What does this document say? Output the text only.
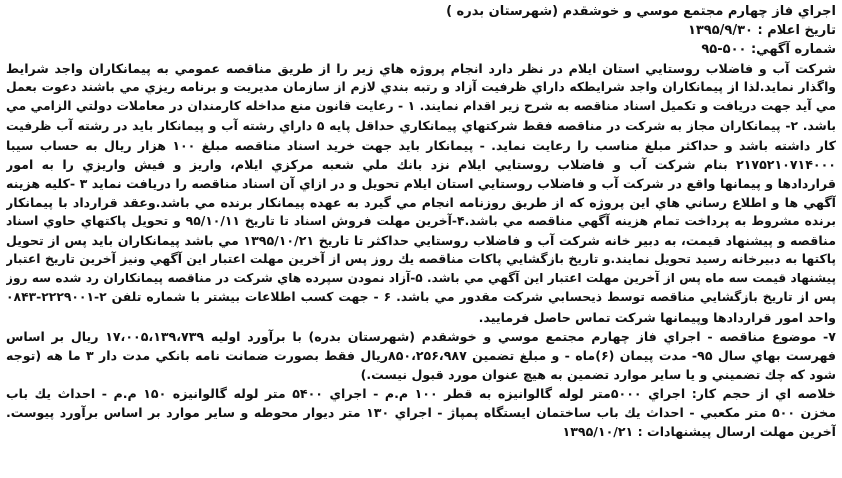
اجراي فاز چهارم مجتمع موسي و خوشقدم (شهرستان بدره )
تاريخ اعلام : ۱۳۹۵/۹/۳۰
شماره آگهي: ۵۰۰-۹۵
شركت آب و فاضلاب روستايي استان ايلام در نظر دارد انجام پروژه هاي زير را از طريق مناقصه عمومي به پيمانكاران واجد شرايط
واگذار نمايد.لذا از پيمانكاران واجد شرايطكه داراي ظرفيت آزاد و رتبه بندي لازم از سازمان مديريت و برنامه ريزي مي باشند دعوت بعمل
مي آيد جهت دريافت و تكميل اسناد مناقصه به شرح زير اقدام نمايند. ۱ - رعايت قانون منع مداخله كارمندان در معاملات دولتي الزامي مي
باشد. ۲- پيمانكاران مجاز به شركت در مناقصه فقط شركتهاي پيمانكاري حداقل پايه ۵ داراي رشته آب و پيمانكار بايد در رشته آب ظرفيت
كار داشته باشد و حداكثر مبلغ مناسب را رعايت نمايد. - پيمانكار بايد جهت خريد اسناد مناقصه مبلغ ۱۰۰ هزار ريال به حساب سيبا
۲۱۷۵۲۱۰۷۱۴۰۰۰ بنام شركت آب و فاضلاب روستايي ايلام نزد بانك ملي شعبه مركزي ايلام، واريز و فيش واريزي را به امور
قراردادها و پيمانها واقع در شركت آب و فاضلاب روستايي استان ايلام تحويل و در ازاي آن اسناد مناقصه را دريافت نمايد ۳ -كليه هزينه
آگهي ها و اطلاع رساني هاي اين پروژه كه از طريق روزنامه انجام مي گيرد به عهده پيمانكار برنده مي باشد.وعقد قرارداد با پيمانكار
برنده مشروط به پرداخت تمام هزينه آگهي مناقصه مي باشد.۴-آخرين مهلت فروش اسناد تا تاريخ ۹۵/۱۰/۱۱ و تحويل پاكتهاي حاوي اسناد
مناقصه و پيشنهاد قيمت، به دبير خانه شركت آب و فاضلاب روستايي حداكثر تا تاريخ ۱۳۹۵/۱۰/۲۱ مي باشد پيمانكاران بايد پس از تحويل
پاكتها به دبيرخانه رسيد تحويل نمايند.و تاريخ بازگشايي پاكات مناقصه يك روز پس از آخرين مهلت اعتبار اين آگهي ونيز آخرين تاريخ اعتبار
پيشنهاد قيمت سه ماه پس از آخرين مهلت اعتبار اين آگهي مي باشد. ۵-آزاد نمودن سپرده هاي شركت در مناقصه پيمانكاران رد شده سه روز
پس از تاريخ بازگشايي مناقصه توسط ذيحسابي شركت مقدور مي باشد. ۶ - جهت كسب اطلاعات بيشتر با شماره تلفن ۲-۲۲۲۹۰۰۱-۰۸۴۳
واحد امور قراردادها وپيمانها شركت تماس حاصل فرماييد.
۷- موضوع مناقصه - اجراي فاز چهارم مجتمع موسي و خوشقدم (شهرستان بدره) با برآورد اوليه ۱۷،۰۰۵،۱۳۹،۷۳۹ ريال بر اساس
فهرست بهاي سال ۹۵- مدت پيمان (۶)ماه - و مبلغ تضمين ۸۵۰،۲۵۶،۹۸۷ريال فقط بصورت ضمانت نامه بانكي مدت دار ۳ ما هه (توجه
شود كه چك تضميني و يا ساير موارد تضمين به هيچ عنوان مورد قبول نيست.)
خلاصه اي از حجم كار: اجراي ۵۰۰۰متر لوله گالوانيزه به قطر ۱۰۰ م.م - اجراي ۵۴۰۰ متر لوله گالوانيزه ۱۵۰ م.م - احداث يك باب
مخزن ۵۰۰ متر مكعبي - احداث يك باب ساختمان ايستگاه پمپاژ - اجراي ۱۳۰ متر ديوار محوطه و ساير موارد بر اساس برآورد پيوست.
آخرين مهلت ارسال پيشنهادات : ۱۳۹۵/۱۰/۲۱
